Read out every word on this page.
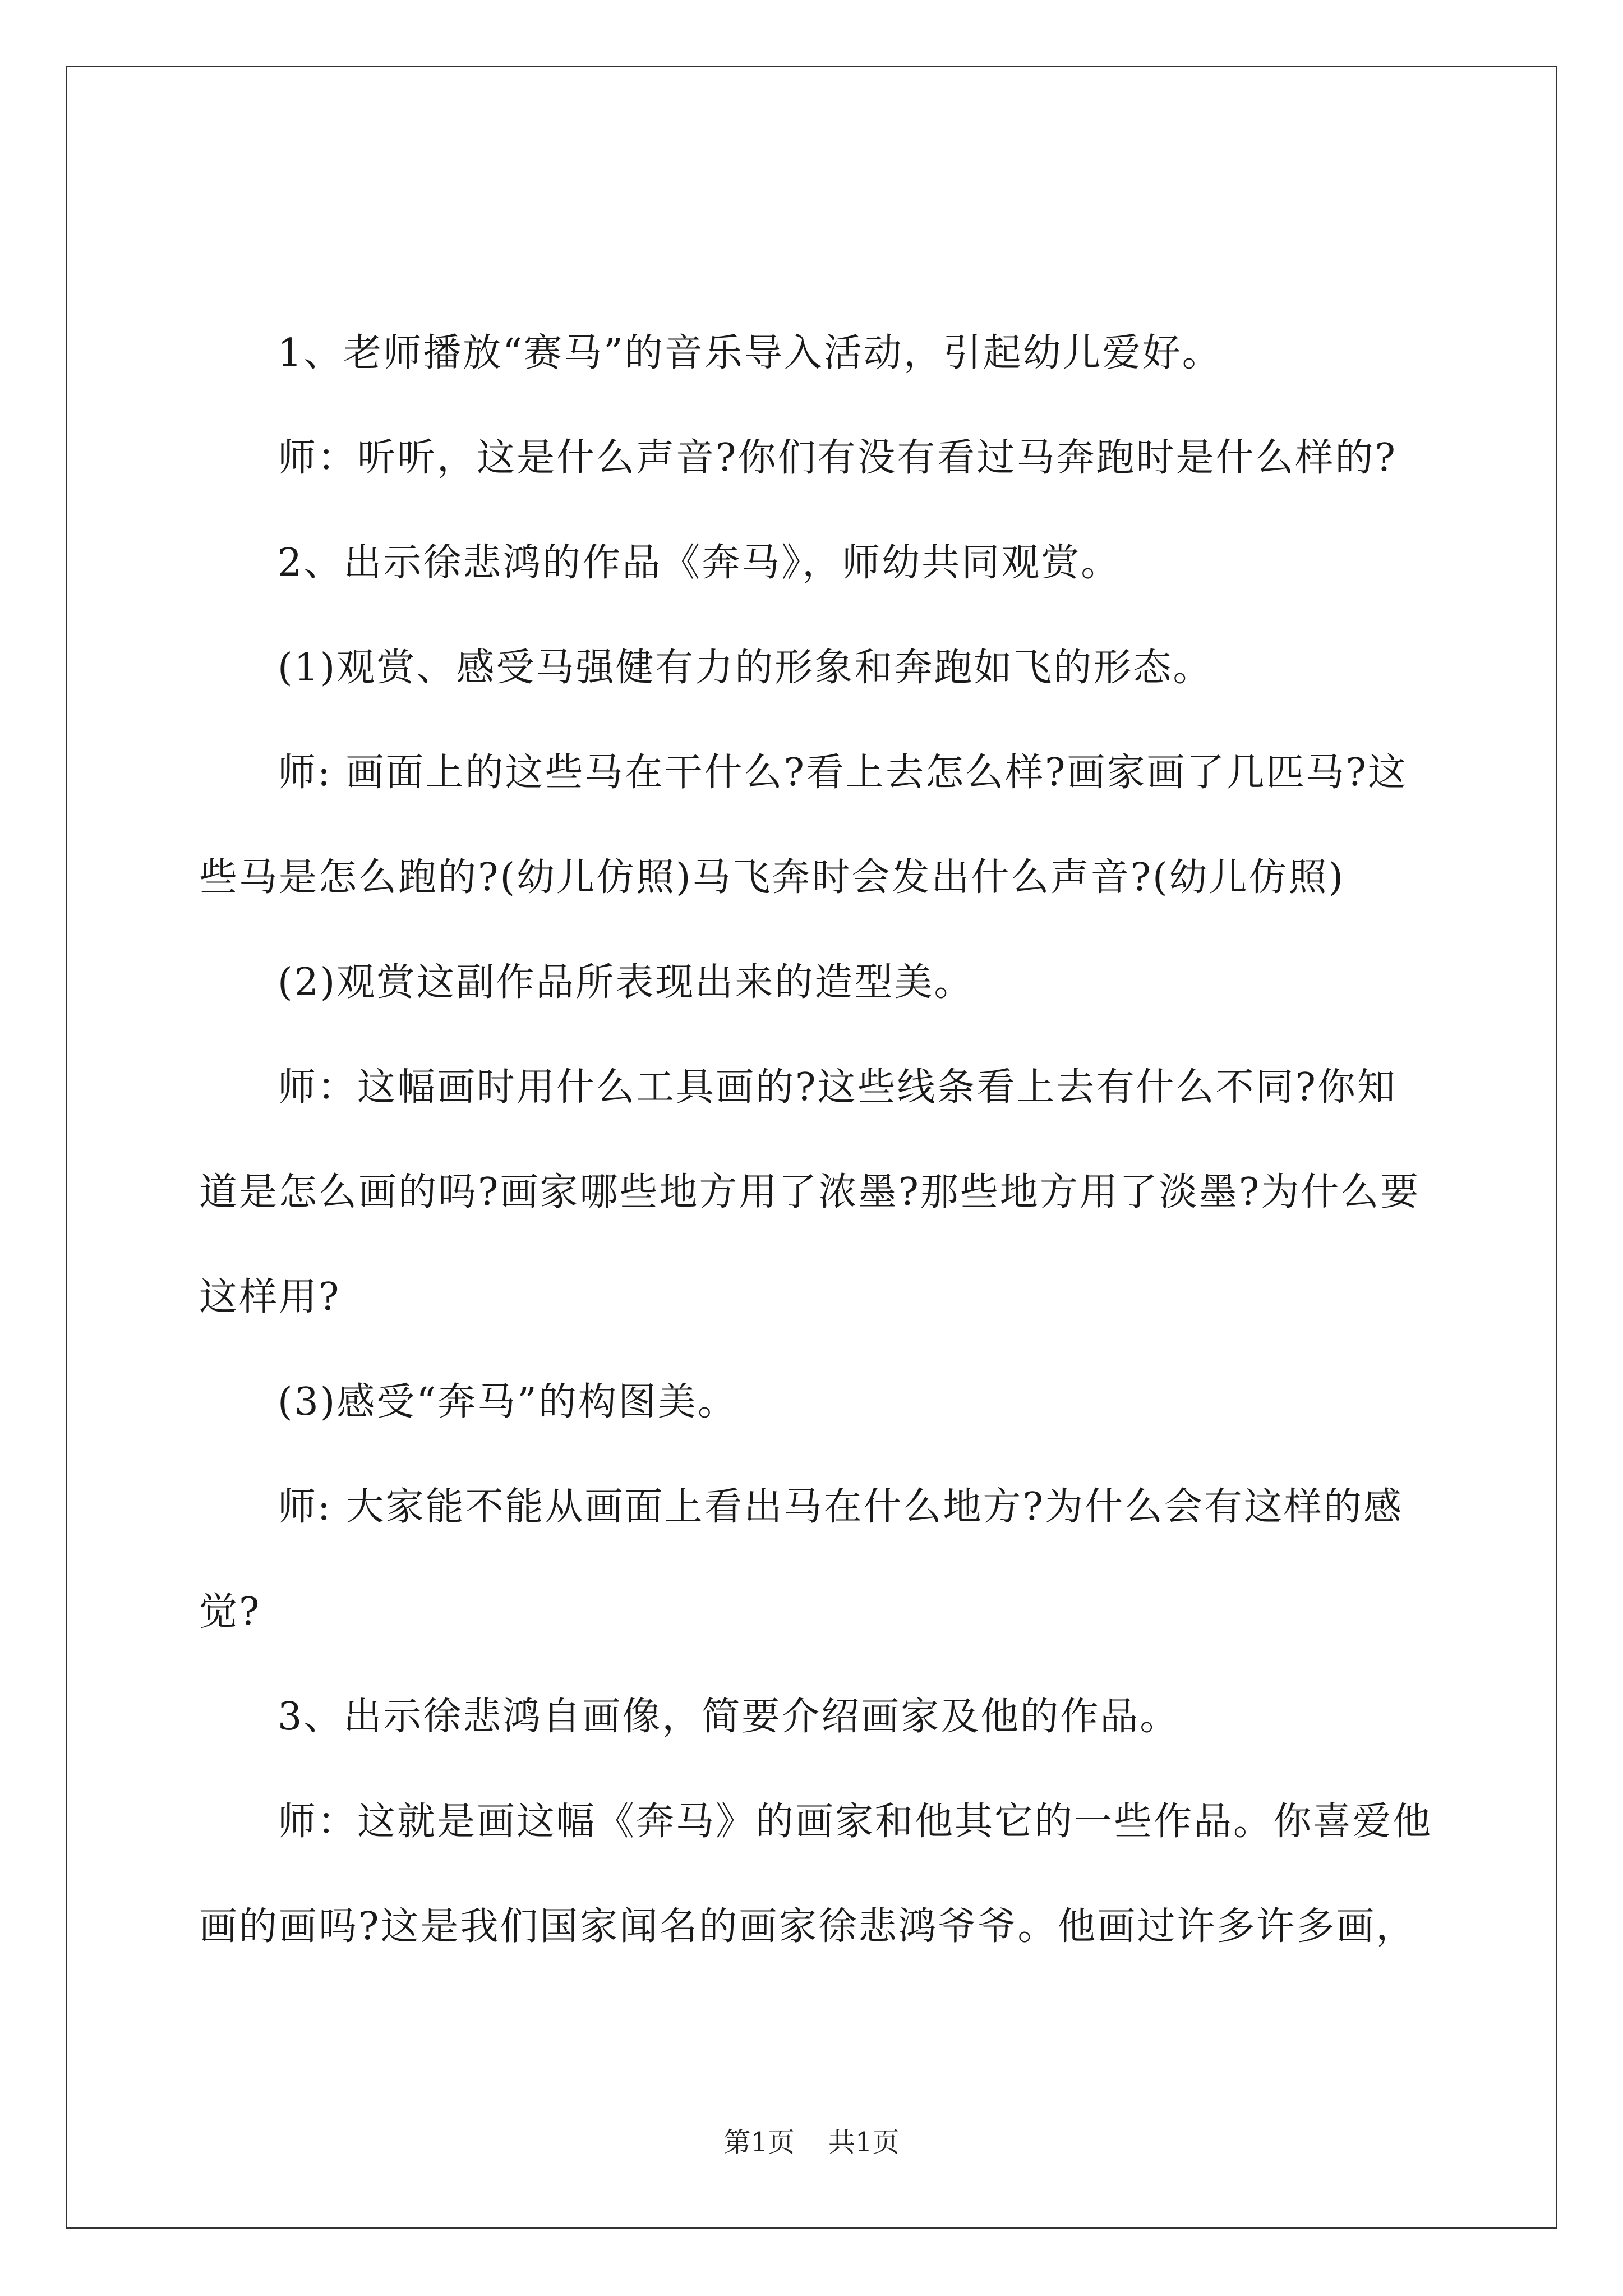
1、老师播放“赛马”的音乐导入活动，引起幼儿爱好。

师：听听，这是什么声音?你们有没有看过马奔跑时是什么样的?

2、出示徐悲鸿的作品《奔马》，师幼共同观赏。

(1)观赏、感受马强健有力的形象和奔跑如飞的形态。

师: 画面上的这些马在干什么?看上去怎么样?画家画了几匹马?这些马是怎么跑的?(幼儿仿照)马飞奔时会发出什么声音?(幼儿仿照)

(2)观赏这副作品所表现出来的造型美。

师：这幅画时用什么工具画的?这些线条看上去有什么不同?你知道是怎么画的吗?画家哪些地方用了浓墨?那些地方用了淡墨?为什么要这样用?

(3)感受“奔马”的构图美。

师: 大家能不能从画面上看出马在什么地方?为什么会有这样的感觉?

3、出示徐悲鸿自画像，简要介绍画家及他的作品。

师：这就是画这幅《奔马》的画家和他其它的一些作品。你喜爱他画的画吗?这是我们国家闻名的画家徐悲鸿爷爷。他画过许多许多画，

第1页 共1页
